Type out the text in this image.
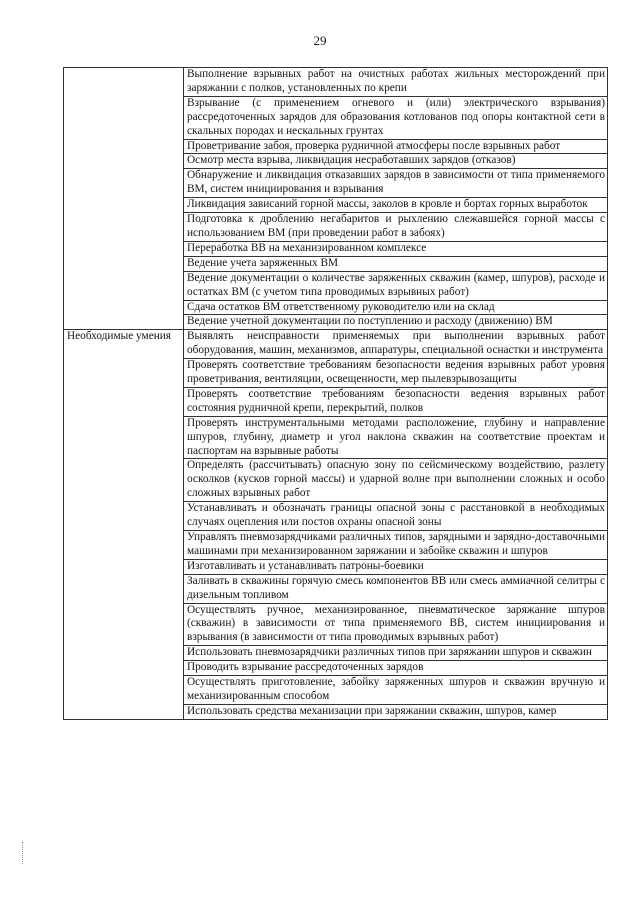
29
	Выполнение взрывных работ на очистных работах жильных месторождений при заряжании с полков, установленных по крепи
	Взрывание (с применением огневого и (или) электрического взрывания) рассредоточенных зарядов для образования котлованов под опоры контактной сети в скальных породах и нескальных грунтах
	Проветривание забоя, проверка рудничной атмосферы после взрывных работ
	Осмотр места взрыва, ликвидация несработавших зарядов (отказов)
	Обнаружение и ликвидация отказавших зарядов в зависимости от типа применяемого ВМ, систем инициирования и взрывания
	Ликвидация зависаний горной массы, заколов в кровле и бортах горных выработок
	Подготовка к дроблению негабаритов и рыхлению слежавшейся горной массы с использованием ВМ (при проведении работ в забоях)
	Переработка ВВ на механизированном комплексе
	Ведение учета заряженных ВМ
	Ведение документации о количестве заряженных скважин (камер, шпуров), расходе и остатках ВМ (с учетом типа проводимых взрывных работ)
	Сдача остатков ВМ ответственному руководителю или на склад
	Ведение учетной документации по поступлению и расходу (движению) ВМ
Необходимые умения	Выявлять неисправности применяемых при выполнении взрывных работ оборудования, машин, механизмов, аппаратуры, специальной оснастки и инструмента
	Проверять соответствие требованиям безопасности ведения взрывных работ уровня проветривания, вентиляции, освещенности, мер пылевзрывозащиты
	Проверять соответствие требованиям безопасности ведения взрывных работ состояния рудничной крепи, перекрытий, полков
	Проверять инструментальными методами расположение, глубину и направление шпуров, глубину, диаметр и угол наклона скважин на соответствие проектам и паспортам на взрывные работы
	Определять (рассчитывать) опасную зону по сейсмическому воздействию, разлету осколков (кусков горной массы) и ударной волне при выполнении сложных и особо сложных взрывных работ
	Устанавливать и обозначать границы опасной зоны с расстановкой в необходимых случаях оцепления или постов охраны опасной зоны
	Управлять пневмозарядчиками различных типов, зарядными и зарядно-доставочными машинами при механизированном заряжании и забойке скважин и шпуров
	Изготавливать и устанавливать патроны-боевики
	Заливать в скважины горячую смесь компонентов ВВ или смесь аммиачной селитры с дизельным топливом
	Осуществлять ручное, механизированное, пневматическое заряжание шпуров (скважин) в зависимости от типа применяемого ВВ, систем инициирования и взрывания (в зависимости от типа проводимых взрывных работ)
	Использовать пневмозарядчики различных типов при заряжании шпуров и скважин
	Проводить взрывание рассредоточенных зарядов
	Осуществлять приготовление, забойку заряженных шпуров и скважин вручную и механизированным способом
	Использовать средства механизации при заряжании скважин, шпуров, камер
